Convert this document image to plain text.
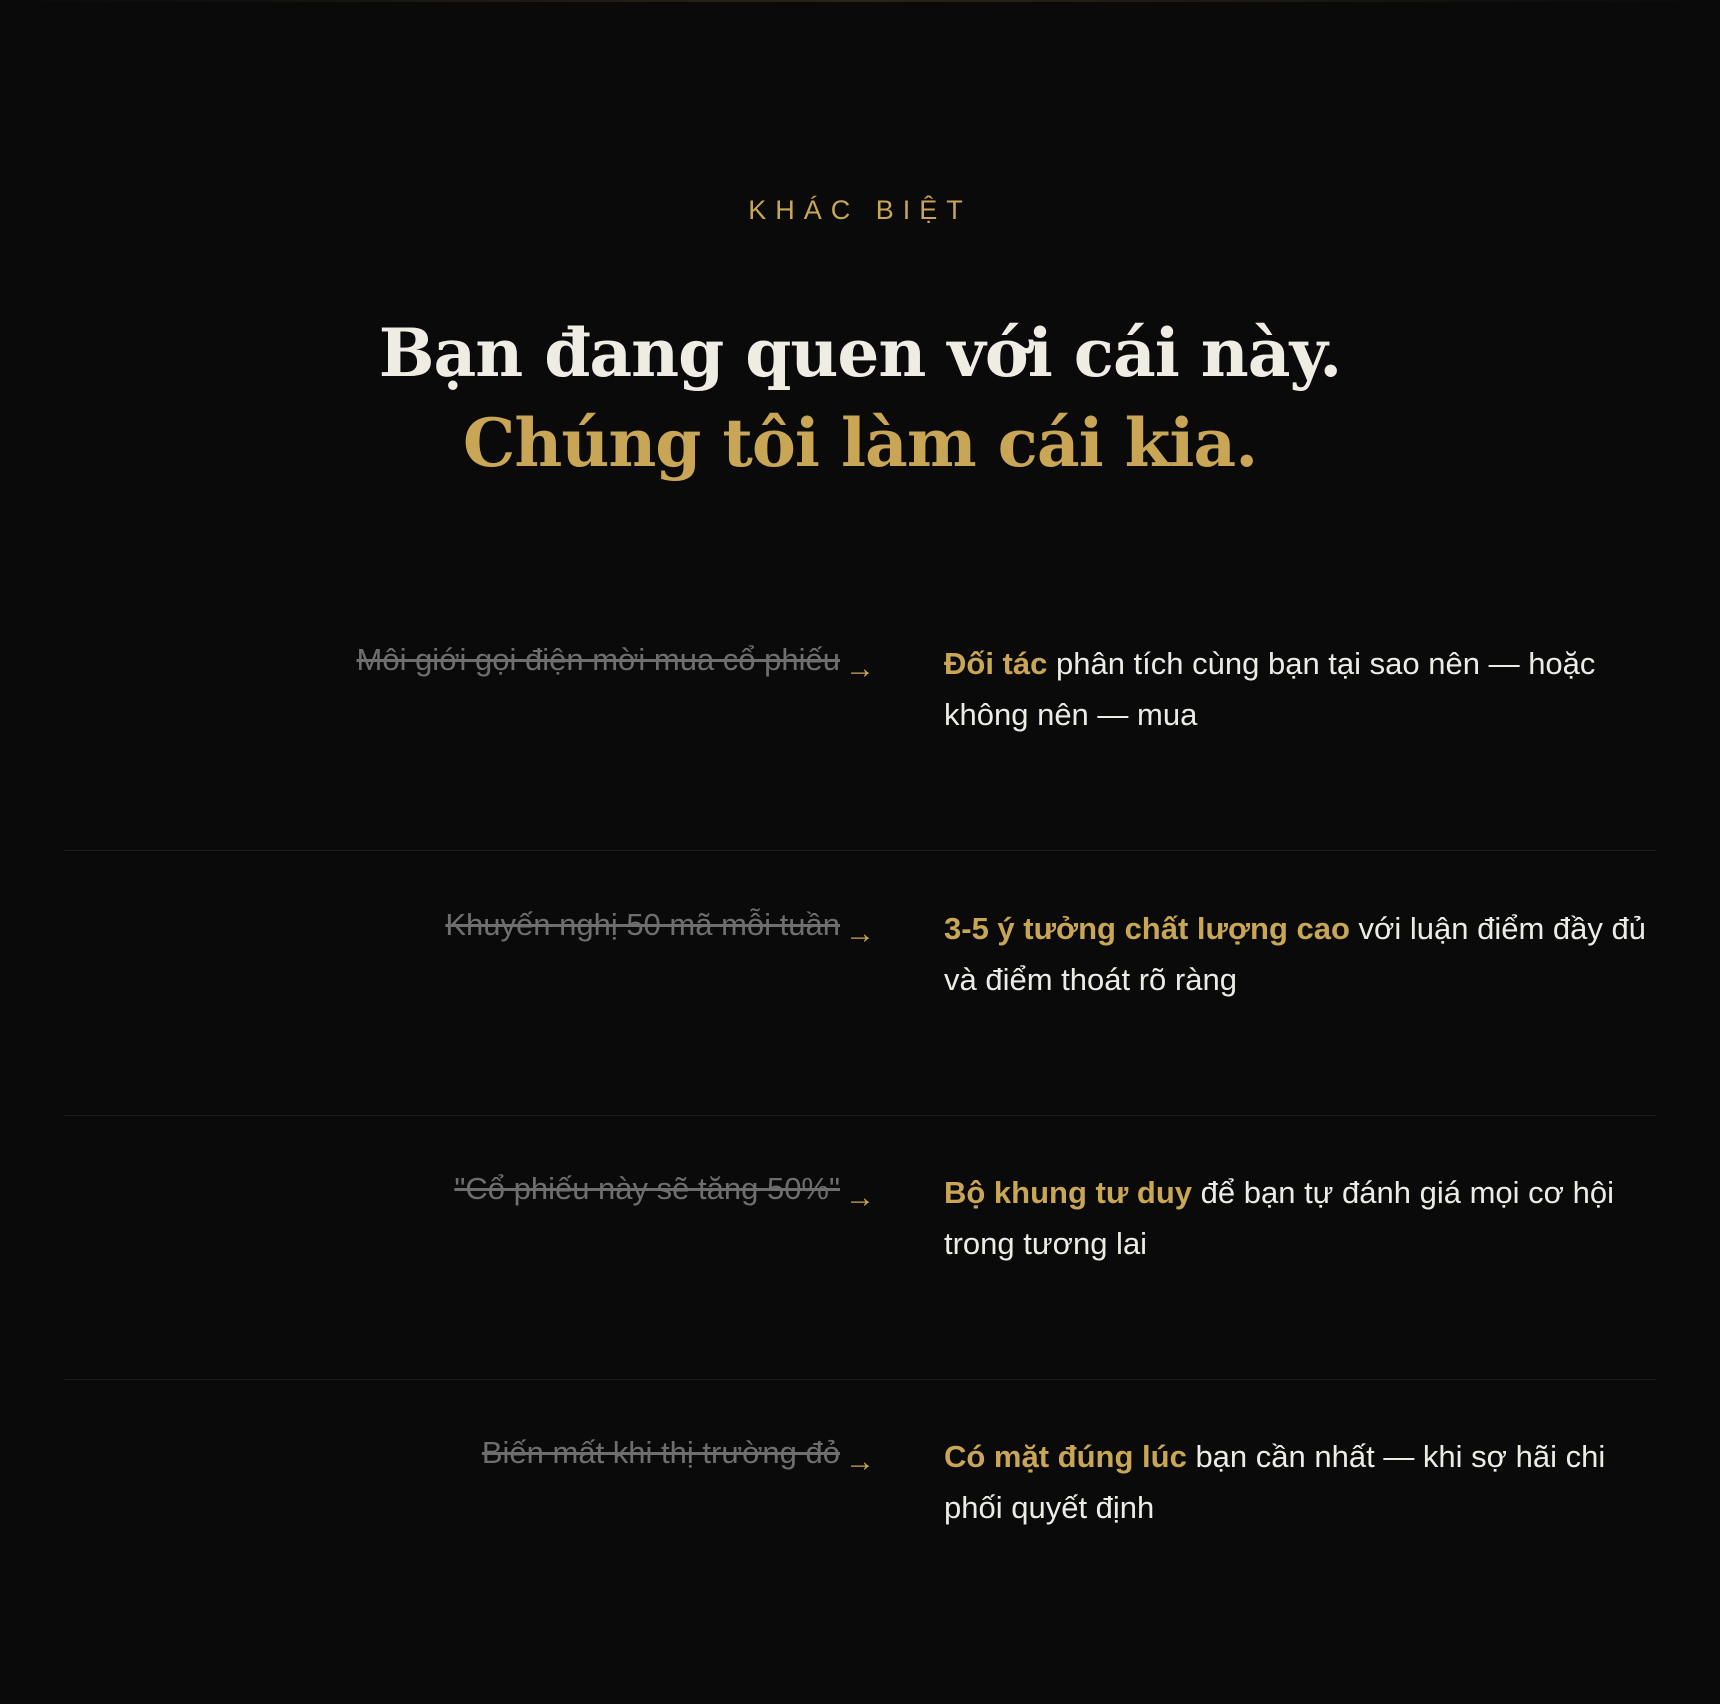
KHÁC BIỆT
Bạn đang quen với cái này.
Chúng tôi làm cái kia.
Môi giới gọi điện mời mua cổ phiếu → Đối tác phân tích cùng bạn tại sao nên — hoặc không nên — mua
Khuyến nghị 50 mã mỗi tuần → 3-5 ý tưởng chất lượng cao với luận điểm đầy đủ và điểm thoát rõ ràng
"Cổ phiếu này sẽ tăng 50%" → Bộ khung tư duy để bạn tự đánh giá mọi cơ hội trong tương lai
Biến mất khi thị trường đỏ → Có mặt đúng lúc bạn cần nhất — khi sợ hãi chi phối quyết định
